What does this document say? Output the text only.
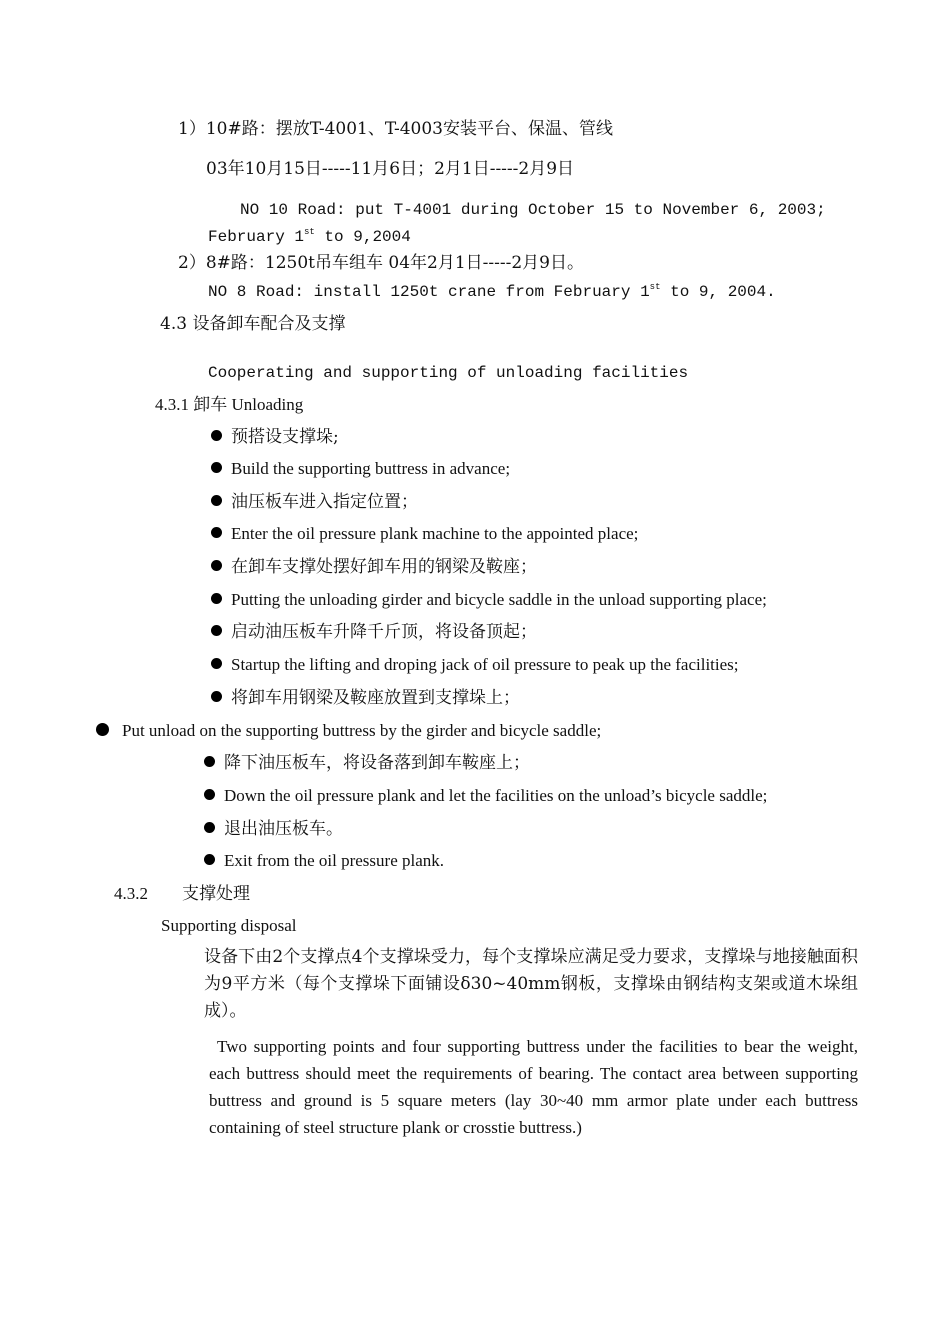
1）10#路：摆放T-4001、T-4003安装平台、保温、管线
03年10月15日-----11月6日；2月1日-----2月9日
NO 10 Road: put T-4001 during October 15 to November 6, 2003;
February 1st to 9,2004
2）8#路：1250t吊车组车 04年2月1日-----2月9日。
NO 8 Road: install 1250t crane from February 1st to 9, 2004.
4.3 设备卸车配合及支撑
Cooperating and supporting of unloading facilities
4.3.1 卸车 Unloading
预搭设支撑垛;
Build the supporting buttress in advance;
油压板车进入指定位置；
Enter the oil pressure plank machine to the appointed place;
在卸车支撑处摆好卸车用的钢梁及鞍座；
Putting the unloading girder and bicycle saddle in the unload supporting place;
启动油压板车升降千斤顶，将设备顶起；
Startup the lifting and droping jack of oil pressure to peak up the facilities;
将卸车用钢梁及鞍座放置到支撑垛上；
Put unload on the supporting buttress by the girder and bicycle saddle;
降下油压板车，将设备落到卸车鞍座上；
Down the oil pressure plank and let the facilities on the unload’s bicycle saddle;
退出油压板车。
Exit from the oil pressure plank.
4.3.2 支撑处理
Supporting disposal
设备下由2个支撑点4个支撑垛受力，每个支撑垛应满足受力要求，支撑垛与地接触面积为9平方米（每个支撑垛下面铺设δ30~40mm钢板，支撑垛由钢结构支架或道木垛组成）。
Two supporting points and four supporting buttress under the facilities to bear the weight, each buttress should meet the requirements of bearing. The contact area between supporting buttress and ground is 5 square meters (lay 30~40 mm armor plate under each buttress containing of steel structure plank or crosstie buttress.)
